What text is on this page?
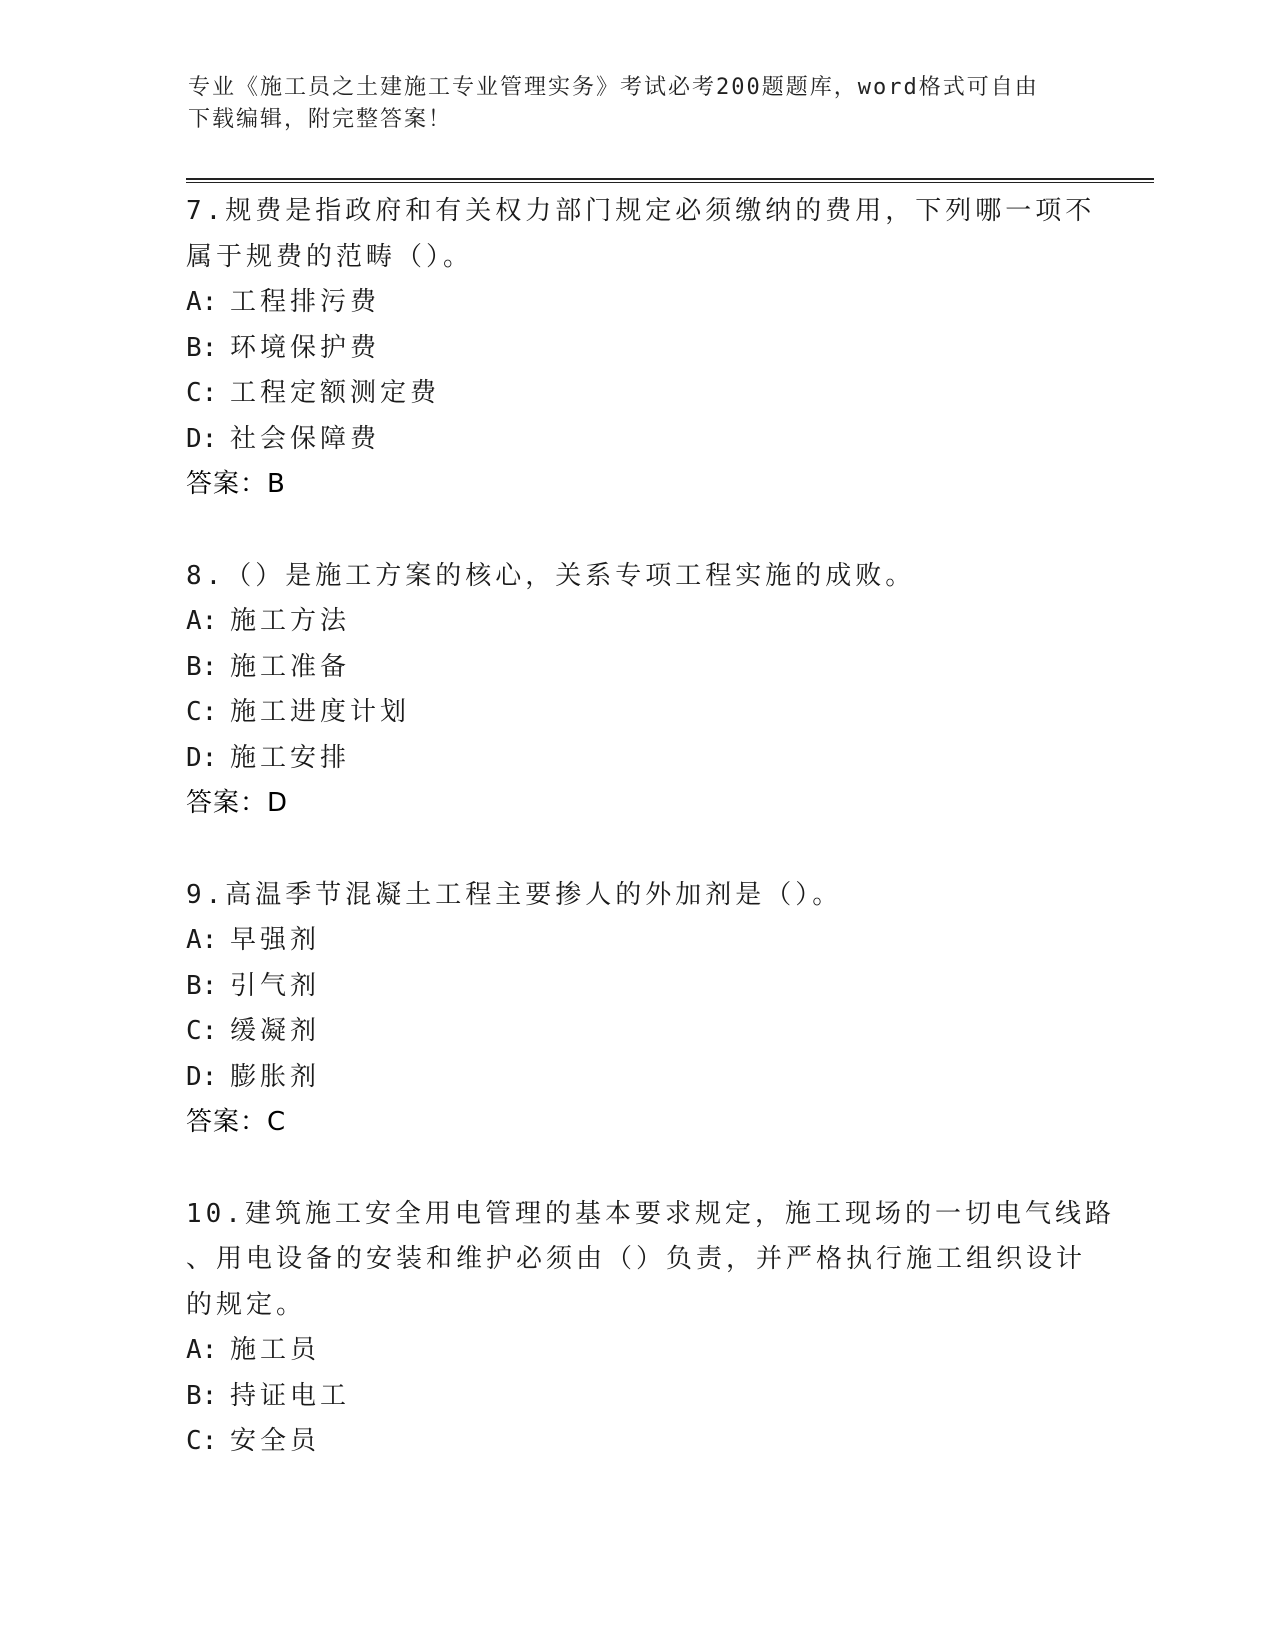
专业《施工员之土建施工专业管理实务》考试必考200题题库，word格式可自由
下载编辑，附完整答案！
7.规费是指政府和有关权力部门规定必须缴纳的费用，下列哪一项不
属于规费的范畴（）。
A: 工程排污费
B: 环境保护费
C: 工程定额测定费
D: 社会保障费
答案：B
8.（）是施工方案的核心，关系专项工程实施的成败。
A: 施工方法
B: 施工准备
C: 施工进度计划
D: 施工安排
答案：D
9.高温季节混凝土工程主要掺人的外加剂是（）。
A: 早强剂
B: 引气剂
C: 缓凝剂
D: 膨胀剂
答案：C
10.建筑施工安全用电管理的基本要求规定，施工现场的一切电气线路
、用电设备的安装和维护必须由（）负责，并严格执行施工组织设计
的规定。
A: 施工员
B: 持证电工
C: 安全员
